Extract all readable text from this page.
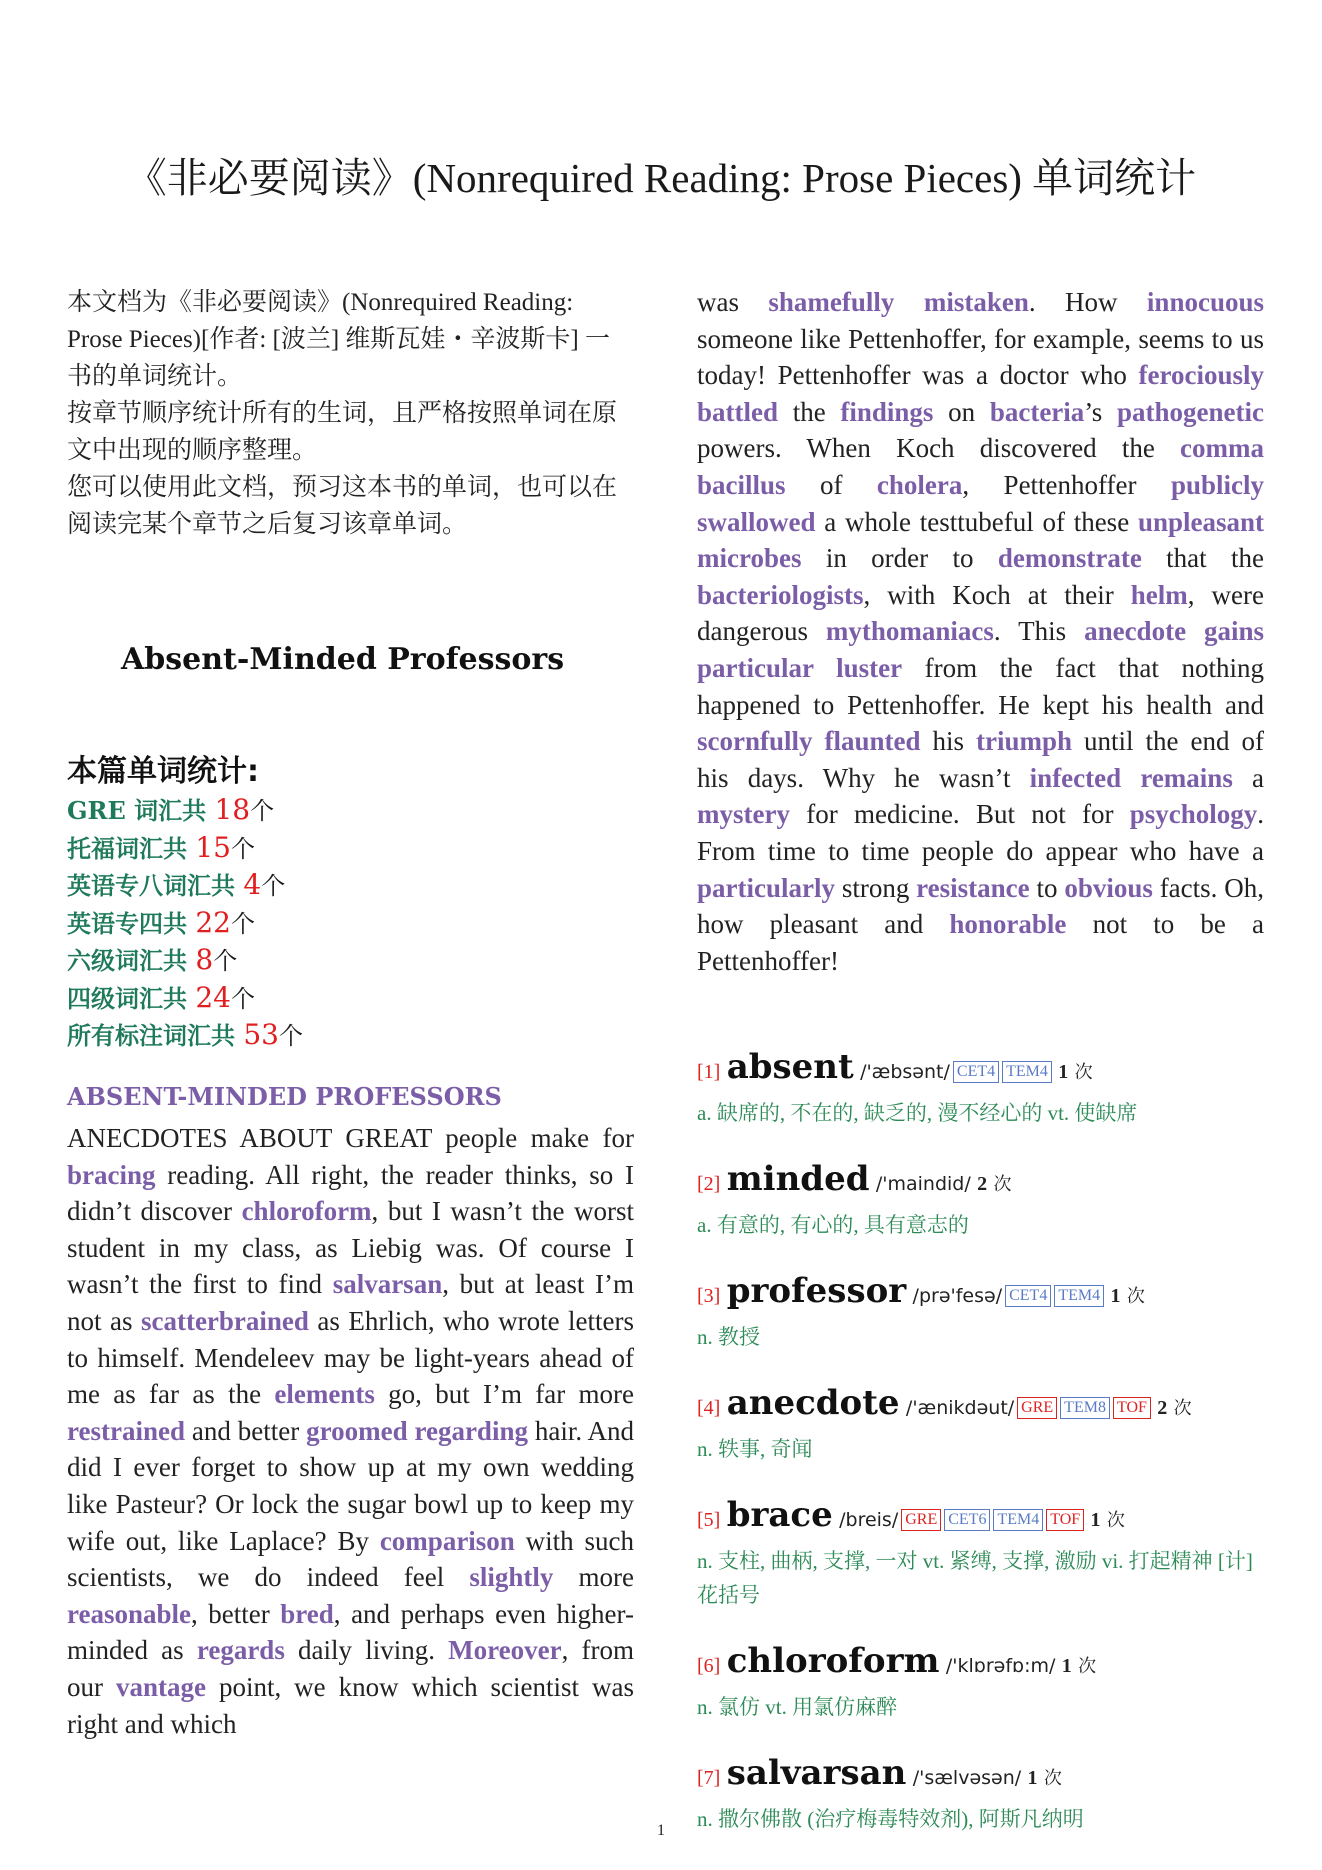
《非必要阅读》(Nonrequired Reading: Prose Pieces) 单词统计

本文档为《非必要阅读》(Nonrequired Reading: Prose Pieces)[作者: [波兰] 维斯瓦娃・辛波斯卡] 一书的单词统计。

按章节顺序统计所有的生词，且严格按照单词在原文中出现的顺序整理。

您可以使用此文档，预习这本书的单词，也可以在阅读完某个章节之后复习该章单词。

Absent-Minded Professors
本篇单词统计:
GRE 词汇共 18个
托福词汇共 15个
英语专八词汇共 4个
英语专四共 22个
六级词汇共 8个
四级词汇共 24个
所有标注词汇共 53个
ABSENT-MINDED PROFESSORS

ANECDOTES ABOUT GREAT people make for bracing reading. All right, the reader thinks, so I didn’t discover chloroform, but I wasn’t the worst student in my class, as Liebig was. Of course I wasn’t the first to find salvarsan, but at least I’m not as scatterbrained as Ehrlich, who wrote letters to himself. Mendeleev may be light-years ahead of me as far as the elements go, but I’m far more restrained and better groomed regarding hair. And did I ever forget to show up at my own wedding like Pasteur? Or lock the sugar bowl up to keep my wife out, like Laplace? By comparison with such scientists, we do indeed feel slightly more reasonable, better bred, and perhaps even higher-minded as regards daily living. Moreover, from our vantage point, we know which scientist was right and which

was shamefully mistaken. How innocuous someone like Pettenhoffer, for example, seems to us today! Pettenhoffer was a doctor who ferociously battled the findings on bacteria’s pathogenetic powers. When Koch discovered the comma bacillus of cholera, Pettenhoffer publicly swallowed a whole testtubeful of these unpleasant microbes in order to demonstrate that the bacteriologists, with Koch at their helm, were dangerous mythomaniacs. This anecdote gains particular luster from the fact that nothing happened to Pettenhoffer. He kept his health and scornfully flaunted his triumph until the end of his days. Why he wasn’t infected remains a mystery for medicine. But not for psychology. From time to time people do appear who have a particularly strong resistance to obvious facts. Oh, how pleasant and honorable not to be a Pettenhoffer!

[1] absent /'æbsənt/ CET4 TEM4 1 次
a. 缺席的, 不在的, 缺乏的, 漫不经心的 vt. 使缺席
[2] minded /'maindid/ 2 次
a. 有意的, 有心的, 具有意志的
[3] professor /prə'fesə/ CET4 TEM4 1 次
n. 教授
[4] anecdote /'ænikdəut/ GRE TEM8 TOF 2 次
n. 轶事, 奇闻
[5] brace /breis/ GRE CET6 TEM4 TOF 1 次
n. 支柱, 曲柄, 支撑, 一对 vt. 紧缚, 支撑, 激励 vi. 打起精神 [计] 花括号
[6] chloroform /'klɒrəfɒ:m/ 1 次
n. 氯仿 vt. 用氯仿麻醉
[7] salvarsan /'sælvəsən/ 1 次
n. 撒尔佛散 (治疗梅毒特效剂), 阿斯凡纳明
1
